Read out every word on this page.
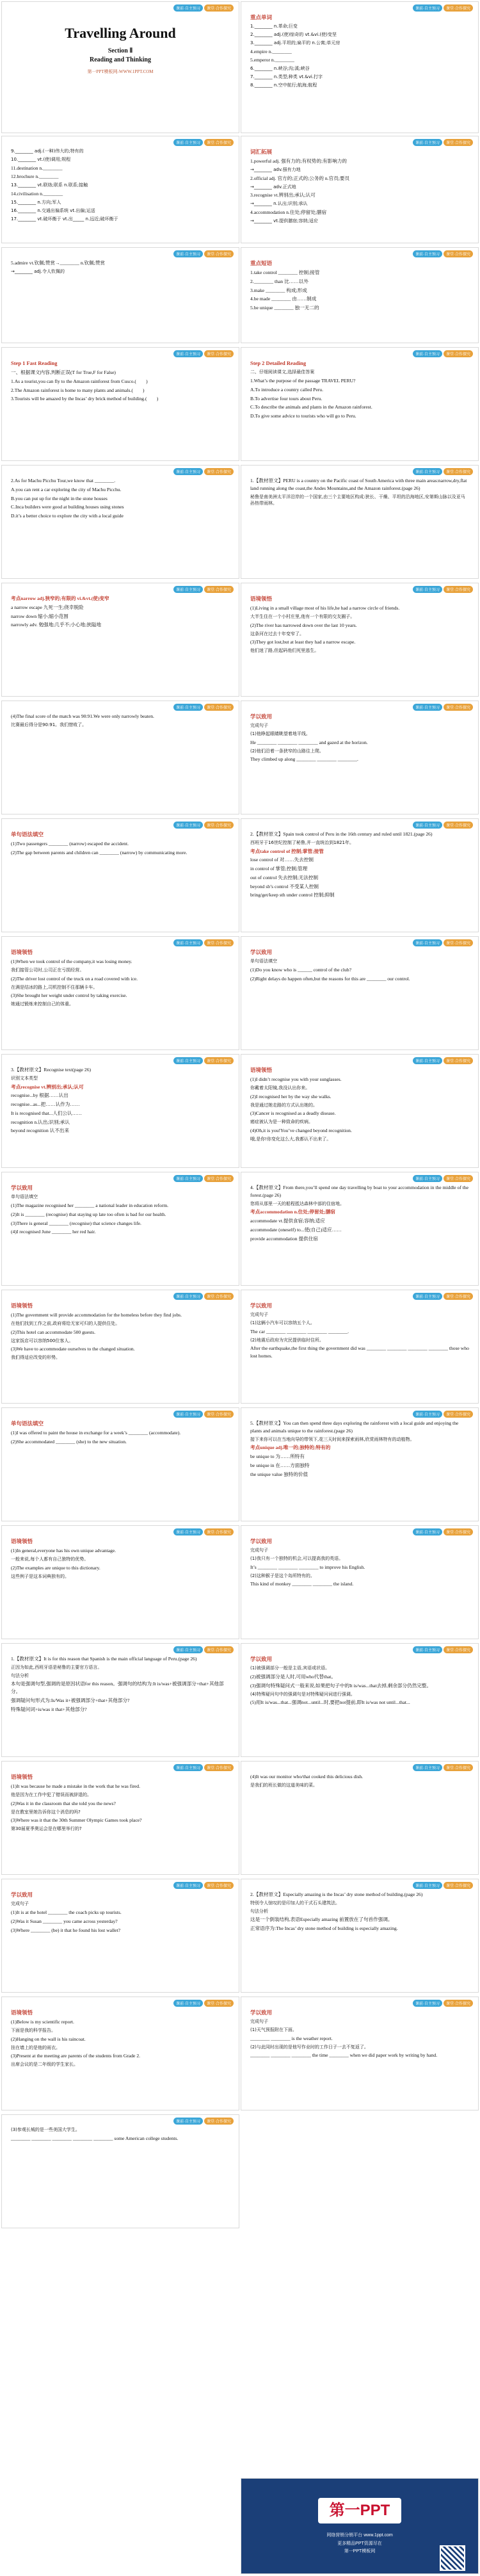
课前·自主预习	课堂·合作探究
Travelling Around
Section Ⅱ
Reading and Thinking
第一PPT模板网-WWW.1PPT.COM
课前·自主预习	课堂·合作探究

重点单词

1.________ n.革命;巨变

2.________ adj.(使)惊奇的 vt.&vi.(使)变坚

3.________ adj.平坦的;扁平的 n.公寓;单元房

4.empire n.________

5.emperor n.________

6.________ n.峡谷;沟;溪;峡谷

7.________ n.类型;种类 vt.&vi.打字

8.________ n.空中航行;航海;航程

课前·自主预习	课堂·合作探究

9.________ adj.(一种)伟大的;特有的

10.________ vt.(使)调用;规程

11.destination n.________

12.brochure n.________

13.________ vt.联络;联系 n.联系;接触

14.civilisation n.________

15.________ n.方向;军人

16.________ n.交通出偏系统 vt.出偏;运送

17.________ vt.破坏衡于 vt.出_____ n.远近;破坏衡于

课前·自主预习	课堂·合作探究

词汇拓展

1.powerful adj. 强有力的;有权势的;有影响力的

→________ adv.强有力地

2.official adj. 官方的;正式的;公务的 n.官员;要员

→________ adv.正式地

3.recognise vt.辨别出;承认;认可

→________ n.认出;识别;承认

4.accommodation n.住处;停留处;膳宿

→________ vt.提供膳宿;容纳;适应

课前·自主预习	课堂·合作探究

5.admire vt.钦佩;赞赏→________ n.钦佩;赞赏

→________ adj.令人钦佩的

课前·自主预习	课堂·合作探究

重点短语

1.take control ________ 控制;接管

2.________ than 比……以外

3.make ________ 构成;形成

4.be made ________ 由……制成

5.be unique ________ 独一无二的

课前·自主预习	课堂·合作探究

Step 1 Fast Reading

一、根据课文内容,判断正误(T for True,F for False)

1.As a tourist,you can fly to the Amazon rainforest from Cusco.(　　)

2.The Amazon rainforest is home to many plants and animals.(　　)

3.Tourists will be amazed by the Incas’ dry brick method of building.(　　)

课前·自主预习	课堂·合作探究

Step 2 Detailed Reading

二、仔细阅读课文,选择最佳答案

1.What’s the purpose of the passage TRAVEL PERU?

A.To introduce a country called Peru.

B.To advertise four tours about Peru.

C.To describe the animals and plants in the Amazon rainforest.

D.To give some advice to tourists who will go to Peru.

课前·自主预习	课堂·合作探究

2.As for Machu Picchu Tour,we know that ________.

A.you can rent a car exploring the city of Machu Picchu.

B.you can put up for the night in the stone houses

C.Inca builders were good at building houses using stones

D.it’s a better choice to explore the city with a local guide

课前·自主预习	课堂·合作探究

1.【教材原文】PERU is a country on the Pacific coast of South America with three main areas:narrow,dry,flat land running along the coast,the Andes Mountains,and the Amazon rainforest.(page 26)

秘鲁是南美洲太平洋沿岸的一个国家,由三个主要地区构成:狭长、干燥、平坦的沿海地区,安第斯山脉以及亚马孙热带雨林。

课前·自主预习	课堂·合作探究

考点narrow adj.狭窄的;有限的 vi.&vt.(使)变窄

a narrow escape 九死一生;侥幸脱险

narrow down 缩小;缩小范围

narrowly adv. 勉强地;几乎不;小心地;狭隘地

课前·自主预习	课堂·合作探究

语境领悟

(1)Living in a small village most of his life,he had a narrow circle of friends.

大半生住在一个小村庄里,他有一个有限的交友圈子。

(2)The river has narrowed down over the last 10 years.

这条河在过去十年变窄了。

(3)They got lost,but at least they had a narrow escape.

他们迷了路,但起码他们死里逃生。

课前·自主预习	课堂·合作探究

(4)The final score of the match was 90:91.We were only narrowly beaten.

比赛最后得分是90:91。我们惜败了。

课前·自主预习	课堂·合作探究

学以致用

完成句子

(1)他睁起眼睛眺望着地平线。

He ________ ________ ________ and gazed at the horizon.

(2)他们沿着一条狭窄的山路往上爬。

They climbed up along ________ ________ ________.

课前·自主预习	课堂·合作探究

单句语法填空

(1)Two passengers ________ (narrow) escaped the accident.

(2)The gap between parents and children can ________ (narrow) by communicating more.

课前·自主预习	课堂·合作探究

2.【教材原文】Spain took control of Peru in the 16th century and ruled until 1821.(page 26)

西班牙于16世纪控制了秘鲁,并一直统治到1821年。

考点take control of 控制;掌管;接管

lose control of 对……失去控制

in control of 掌管;控制;管理

out of control 失去控制;无法控制

beyond sb’s control 不受某人控制

bring/get/keep sth under control 控制;抑制

课前·自主预习	课堂·合作探究

语境领悟

(1)When we took control of the company,it was losing money.

我们接管公司时,公司正在亏损经营。

(2)The driver lost control of the truck on a road covered with ice.

在满是结冰的路上,司机控制不住那辆卡车。

(3)She brought her weight under control by taking exercise.

她通过锻炼来控制自己的体重。

课前·自主预习	课堂·合作探究

学以致用

单句语法填空

(1)Do you know who is ______ control of the club?

(2)Right delays do happen often,but the reasons for this are ________ our control.

课前·自主预习	课堂·合作探究

3.【教材原文】Recognise text(page 26)

识别文本类型

考点recognise vt.辨别出;承认;认可

recognise...by 根据……认出

recognise...as...把……认作为……

It is recognised that...人们公认……

recognition n.认出;识别;承认

beyond recognition 认不出来

课前·自主预习	课堂·合作探究

语境领悟

(1)I didn’t recognise you with your sunglasses.

你戴着太阳镜,我没认出你来。

(2)I recognised her by the way she walks.

我是通过她走路的方式认出她的。

(3)Cancer is recognised as a deadly disease.

癌症被认为是一种致命的疾病。

(4)Oh,it is you!You’ve changed beyond recognition.

哦,是你!你变化这么大,我都认不出来了。

课前·自主预习	课堂·合作探究

学以致用

单句语法填空

(1)The magazine recognised her ________ a national leader in education reform.

(2)It is ________ (recognise) that staying up late too often is bad for our health.

(3)There is general ________ (recognise) that science changes life.

(4)I recognised June ________ her red hair.

课前·自主预习	课堂·合作探究

4.【教材原文】From there,you’ll spend one day travelling by boat to your accommodation in the middle of the forest.(page 26)

您将从那里一天的船程抵达森林中部的住宿地。

考点accommodation n.住处;停留处;膳宿

accommodate vt.提供食宿;容纳;适应

accommodate (oneself) to...使(自己)适应……

provide accommodation 提供住宿

课前·自主预习	课堂·合作探究

语境领悟

(1)The government will provide accommodation for the homeless before they find jobs.

在他们找到工作之前,政府将给无家可归的人提供住处。

(2)This hotel can accommodate 500 guests.

这家饭店可以容纳500位客人。

(3)We have to accommodate ourselves to the changed situation.

我们得适应改变的形势。

课前·自主预习	课堂·合作探究

学以致用

完成句子

(1)这辆小汽车可以容纳五个人。

The car ________ ________ ________ ________.

(2)地震后政府为灾民提供临时住所。

After the earthquake,the first thing the government did was ________ ________ ________ ________ those who lost homes.

课前·自主预习	课堂·合作探究

单句语法填空

(1)I was offered to paint the house in exchange for a week’s ________ (accommodate).

(2)She accommodated ________ (she) to the new situation.

课前·自主预习	课堂·合作探究

5.【教材原文】You can then spend three days exploring the rainforest with a local guide and enjoying the plants and animals unique to the rainforest.(page 26)

接下来你可以在当地向导的带领下,花三天时间来探索雨林,欣赏雨林特有的动植物。

考点unique adj.唯一的;独特的;特有的

be unique to 为……所特有

be unique in 在……方面独特

the unique value 独特的价值

课前·自主预习	课堂·合作探究

语境领悟

(1)In general,everyone has his own unique advantage.

一般来说,每个人都有自己独特的优势。

(2)The examples are unique to this dictionary.

这些例子是这本词典独有的。

课前·自主预习	课堂·合作探究

学以致用

完成句子

(1)我只有一个独特的机会,可以提高我的英语。

It’s ________ ________ ________ to improve his English.

(2)这种猴子是这个岛所特有的。

This kind of monkey ________ ________ the island.

课前·自主预习	课堂·合作探究

1.【教材原文】It is for this reason that Spanish is the main official language of Peru.(page 26)

正因为如此,西班牙语是秘鲁的主要官方语言。

句法分析

本句是强调句型,强调的是原因状语for this reason。强调句的结构为:It is/was+被强调部分+that+其他部分。

强调疑问句形式为:Is/Was it+被强调部分+that+其他部分?

特殊疑问词+is/was it that+其他部分?

课前·自主预习	课堂·合作探究

学以致用

(1)被强调部分一般是主语,宾语或状语。

(2)被强调部分是人时,可用who代替that。

(3)强调句特殊疑问式一般来说,如果把句子中的It is/was...that去掉,剩余部分仍然完整。

(4)特殊疑问句中的强调句是对特殊疑问词进行强调。

(5)用It is/was...that...强调not...until...时,要把not提前,即It is/was not until...that...

课前·自主预习	课堂·合作探究

语境领悟

(1)It was because he made a mistake in the work that he was fired.

他是因为在工作中犯了错误而被辞退的。

(2)Was it in the classroom that she told you the news?

是在教室里她告诉你这个消息的吗?

(3)Where was it that the 30th Summer Olympic Games took place?

第30届夏季奥运会是在哪里举行的?

课前·自主预习	课堂·合作探究

(4)It was our monitor who/that cooked this delicious dish.

是我们的班长做的这道美味的菜。

课前·自主预习	课堂·合作探究

学以致用

完成句子

(1)It is at the hotel ________ the coach picks up tourists.

(2)Was it Susan ________ you came across yesterday?

(3)Where ________ (be) it that he found his lost wallet?

课前·自主预习	课堂·合作探究

2.【教材原文】Especially amazing is the Incas’ dry stone method of building.(page 26)

特别令人惊叹的是印加人的干式石头建筑法。

句法分析

这是一个倒装结构,表语Especially amazing 前置放在了句首作强调。

正常语序为:The Incas’ dry stone method of building is especially amazing.

课前·自主预习	课堂·合作探究

语境领悟

(1)Below is my scientific report.

下面是我的科学报告。

(2)Hanging on the wall is his raincoat.

挂在墙上的是他的雨衣。

(3)Present at the meeting are parents of the students from Grade 2.

出席会议的是二年级的学生家长。

课前·自主预习	课堂·合作探究

学以致用

完成句子

(1)天气预报附在下面。

________ ________ is the weather report.

(2)与此同时出现的是他写作业时的工作日子一去不复返了。

________ ________ ________ the time ________ when we did paper work by writing by hand.

课前·自主预习	课堂·合作探究

(3)参观长城的是一些美国大学生。

________ ________ ________ ________ ________ some American college students.

第一PPT

网络营销分销平台 www.1ppt.com

更多精品PPT资源尽在

第一PPT模板网
